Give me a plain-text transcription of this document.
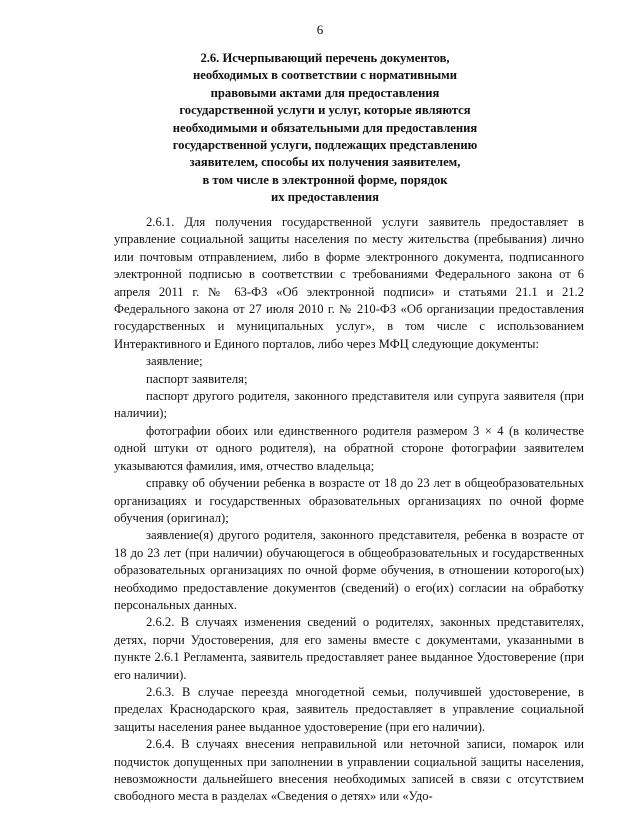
6
2.6. Исчерпывающий перечень документов,
необходимых в соответствии с нормативными
правовыми актами для предоставления
государственной услуги и услуг, которые являются
необходимыми и обязательными для предоставления
государственной услуги, подлежащих представлению
заявителем, способы их получения заявителем,
в том числе в электронной форме, порядок
их предоставления

2.6.1. Для получения государственной услуги заявитель предоставляет в управление социальной защиты населения по месту жительства (пребывания) лично или почтовым отправлением, либо в форме электронного документа, подписанного электронной подписью в соответствии с требованиями Федерального закона от 6 апреля 2011 г. № 63-ФЗ «Об электронной подписи» и статьями 21.1 и 21.2 Федерального закона от 27 июля 2010 г. № 210-ФЗ «Об организации предоставления государственных и муниципальных услуг», в том числе с использованием Интерактивного и Единого порталов, либо через МФЦ следующие документы:

заявление;

паспорт заявителя;

паспорт другого родителя, законного представителя или супруга заявителя (при наличии);

фотографии обоих или единственного родителя размером 3 × 4 (в количестве одной штуки от одного родителя), на обратной стороне фотографии заявителем указываются фамилия, имя, отчество владельца;

справку об обучении ребенка в возрасте от 18 до 23 лет в общеобразовательных организациях и государственных образовательных организациях по очной форме обучения (оригинал);

заявление(я) другого родителя, законного представителя, ребенка в возрасте от 18 до 23 лет (при наличии) обучающегося в общеобразовательных и государственных образовательных организациях по очной форме обучения, в отношении которого(ых) необходимо предоставление документов (сведений) о его(их) согласии на обработку персональных данных.

2.6.2. В случаях изменения сведений о родителях, законных представителях, детях, порчи Удостоверения, для его замены вместе с документами, указанными в пункте 2.6.1 Регламента, заявитель предоставляет ранее выданное Удостоверение (при его наличии).

2.6.3. В случае переезда многодетной семьи, получившей удостоверение, в пределах Краснодарского края, заявитель предоставляет в управление социальной защиты населения ранее выданное удостоверение (при его наличии).

2.6.4. В случаях внесения неправильной или неточной записи, помарок или подчисток допущенных при заполнении в управлении социальной защиты населения, невозможности дальнейшего внесения необходимых записей в связи с отсутствием свободного места в разделах «Сведения о детях» или «Удо-
